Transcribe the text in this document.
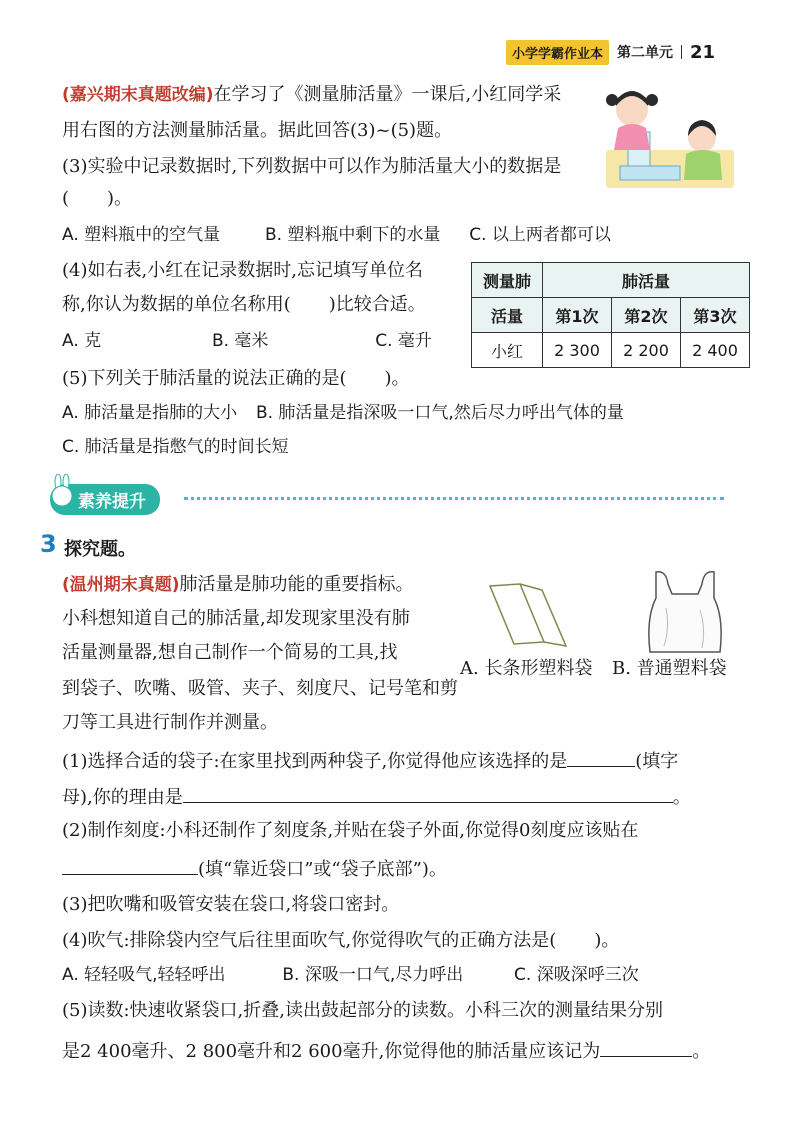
小学学霸作业本	第二单元 21
(嘉兴期末真题改编)在学习了《测量肺活量》一课后,小红同学采
用右图的方法测量肺活量。据此回答(3)~(5)题。
(3)实验中记录数据时,下列数据中可以作为肺活量大小的数据是
( )。
A. 塑料瓶中的空气量	B. 塑料瓶中剩下的水量 C. 以上两者都可以
(4)如右表,小红在记录数据时,忘记填写单位名
称,你认为数据的单位名称用( )比较合适。
A. 克	B. 毫米	C. 毫升
测量肺	肺活量		
活量	第1次	第2次	第3次
小红	2 300	2 200	2 400
(5)下列关于肺活量的说法正确的是( )。
A. 肺活量是指肺的大小 B. 肺活量是指深吸一口气,然后尽力呼出气体的量
C. 肺活量是指憋气的时间长短
素养提升
3 探究题。
(温州期末真题)肺活量是肺功能的重要指标。
小科想知道自己的肺活量,却发现家里没有肺
活量测量器,想自己制作一个简易的工具,找
到袋子、吹嘴、吸管、夹子、刻度尺、记号笔和剪
刀等工具进行制作并测量。
A. 长条形塑料袋 B. 普通塑料袋
(1)选择合适的袋子:在家里找到两种袋子,你觉得他应该选择的是	(填字
母),你的理由是	。
(2)制作刻度:小科还制作了刻度条,并贴在袋子外面,你觉得0刻度应该贴在
(填“靠近袋口”或“袋子底部”)。
(3)把吹嘴和吸管安装在袋口,将袋口密封。
(4)吹气:排除袋内空气后往里面吹气,你觉得吹气的正确方法是( )。
A. 轻轻吸气,轻轻呼出	B. 深吸一口气,尽力呼出	C. 深吸深呼三次
(5)读数:快速收紧袋口,折叠,读出鼓起部分的读数。小科三次的测量结果分别
是2 400毫升、2 800毫升和2 600毫升,你觉得他的肺活量应该记为	。
